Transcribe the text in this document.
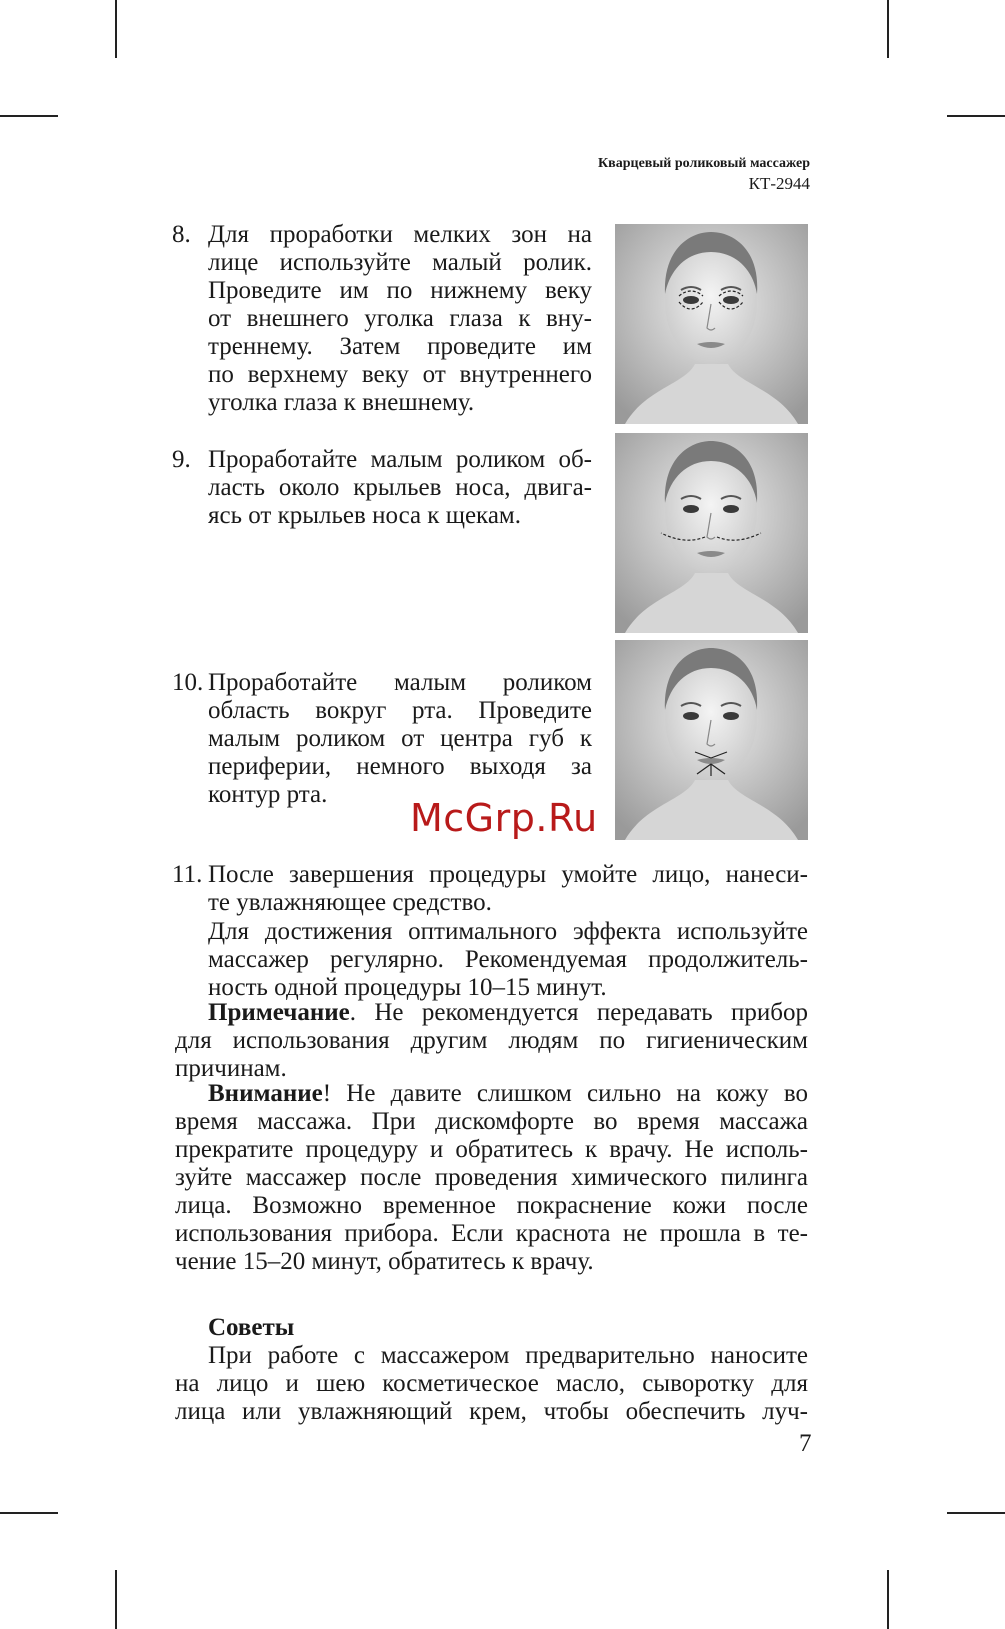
Кварцевый роликовый массажер
КТ-2944
8. Для проработки мелких зон на
лице используйте малый ролик.
Проведите им по нижнему веку
от внешнего уголка глаза к вну-
треннему. Затем проведите им
по верхнему веку от внутреннего
уголка глаза к внешнему.
9. Проработайте малым роликом об-
ласть около крыльев носа, двига-
ясь от крыльев носа к щекам.
10. Проработайте малым роликом
область вокруг рта. Проведите
малым роликом от центра губ к
периферии, немного выходя за
контур рта.
McGrp.Ru
11. После завершения процедуры умойте лицо, нанеси-
те увлажняющее средство.
Для достижения оптимального эффекта используйте
массажер регулярно. Рекомендуемая продолжитель-
ность одной процедуры 10–15 минут.
Примечание. Не рекомендуется передавать прибор
для использования другим людям по гигиеническим
причинам.
Внимание! Не давите слишком сильно на кожу во
время массажа. При дискомфорте во время массажа
прекратите процедуру и обратитесь к врачу. Не исполь-
зуйте массажер после проведения химического пилинга
лица. Возможно временное покраснение кожи после
использования прибора. Если краснота не прошла в те-
чение 15–20 минут, обратитесь к врачу.
Советы
При работе с массажером предварительно наносите
на лицо и шею косметическое масло, сыворотку для
лица или увлажняющий крем, чтобы обеспечить луч-
7
